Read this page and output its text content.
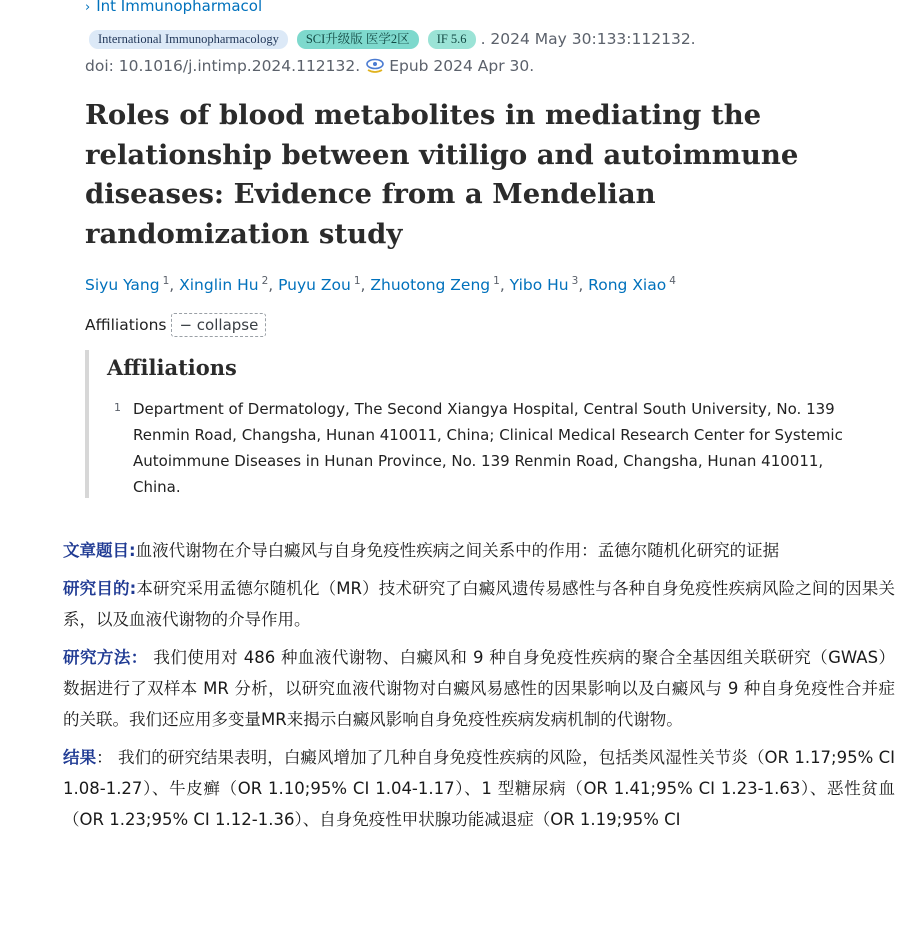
› Int Immunopharmacol
International Immunopharmacology	SCI升级版 医学2区	IF 5.6 . 2024 May 30:133:112132.
doi: 10.1016/j.intimp.2024.112132. Epub 2024 Apr 30.
Roles of blood metabolites in mediating the relationship between vitiligo and autoimmune diseases: Evidence from a Mendelian randomization study
Siyu Yang $^1$, Xinglin Hu $^2$, Puyu Zou $^1$, Zhuotong Zeng $^1$, Yibo Hu $^3$, Rong Xiao $^4$
Affiliations − collapse
Affiliations
1 Department of Dermatology, The Second Xiangya Hospital, Central South University, No. 139 Renmin Road, Changsha, Hunan 410011, China; Clinical Medical Research Center for Systemic Autoimmune Diseases in Hunan Province, No. 139 Renmin Road, Changsha, Hunan 410011, China.

文章题目:血液代谢物在介导白癜风与自身免疫性疾病之间关系中的作用：孟德尔随机化研究的证据

研究目的:本研究采用孟德尔随机化（MR）技术研究了白癜风遗传易感性与各种自身免疫性疾病风险之间的因果关系，以及血液代谢物的介导作用。

研究方法： 我们使用对 486 种血液代谢物、白癜风和 9 种自身免疫性疾病的聚合全基因组关联研究（GWAS） 数据进行了双样本 MR 分析，以研究血液代谢物对白癜风易感性的因果影响以及白癜风与 9 种自身免疫性合并症的关联。我们还应用多变量MR来揭示白癜风影响自身免疫性疾病发病机制的代谢物。

结果： 我们的研究结果表明，白癜风增加了几种自身免疫性疾病的风险，包括类风湿性关节炎（OR 1.17;95% CI 1.08-1.27）、牛皮癣（OR 1.10;95% CI 1.04-1.17）、1 型糖尿病（OR 1.41;95% CI 1.23-1.63）、恶性贫血（OR 1.23;95% CI 1.12-1.36）、自身免疫性甲状腺功能减退症（OR 1.19;95% CI
